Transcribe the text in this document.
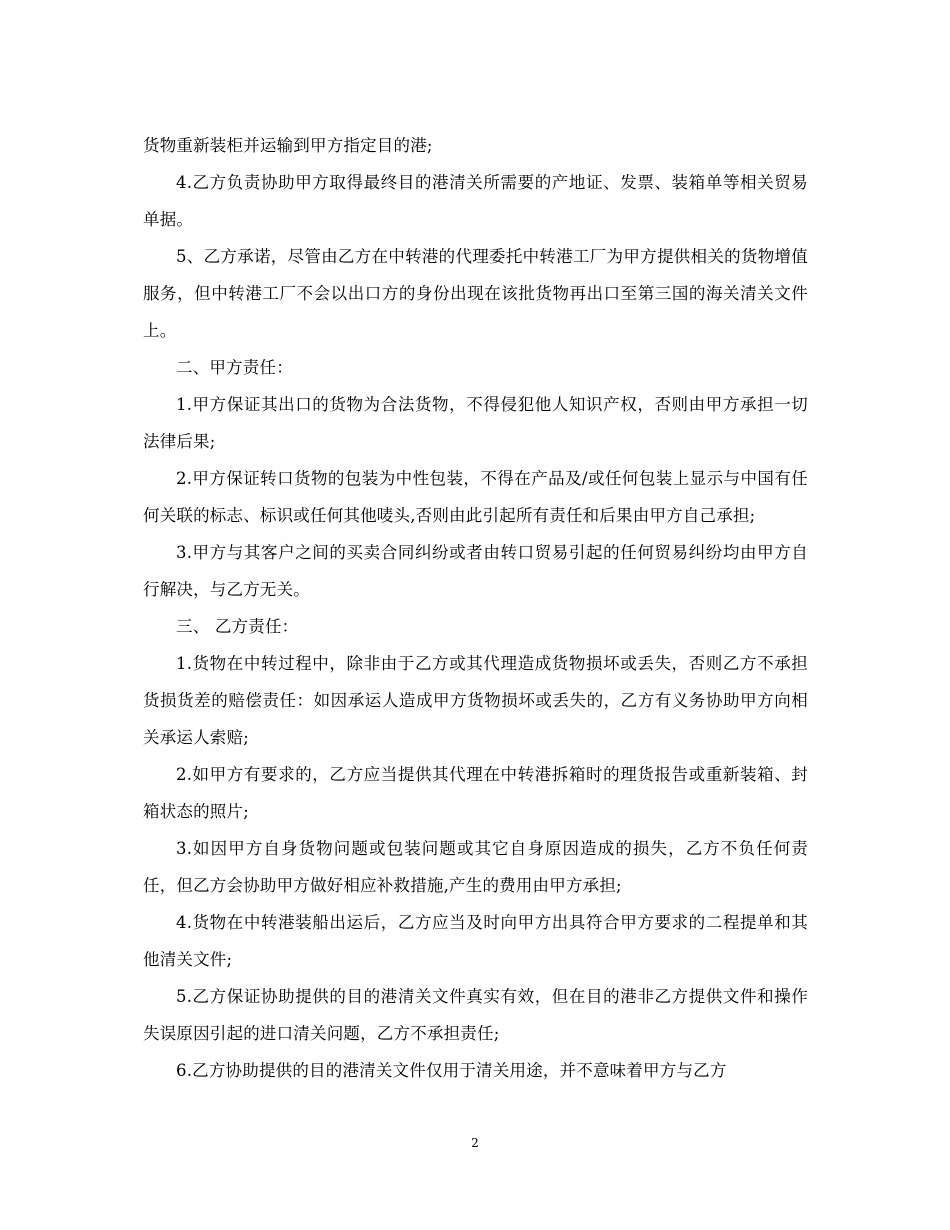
货物重新装柜并运输到甲方指定目的港;

4.乙方负责协助甲方取得最终目的港清关所需要的产地证、发票、装箱单等相关贸易单据。

5、乙方承诺，尽管由乙方在中转港的代理委托中转港工厂为甲方提供相关的货物增值服务，但中转港工厂不会以出口方的身份出现在该批货物再出口至第三国的海关清关文件上。

二、甲方责任：

1.甲方保证其出口的货物为合法货物，不得侵犯他人知识产权，否则由甲方承担一切法律后果;

2.甲方保证转口货物的包装为中性包装，不得在产品及/或任何包装上显示与中国有任何关联的标志、标识或任何其他唛头,否则由此引起所有责任和后果由甲方自己承担;

3.甲方与其客户之间的买卖合同纠纷或者由转口贸易引起的任何贸易纠纷均由甲方自行解决，与乙方无关。

三、 乙方责任：

1.货物在中转过程中，除非由于乙方或其代理造成货物损坏或丢失，否则乙方不承担货损货差的赔偿责任：如因承运人造成甲方货物损坏或丢失的，乙方有义务协助甲方向相关承运人索赔;

2.如甲方有要求的，乙方应当提供其代理在中转港拆箱时的理货报告或重新装箱、封箱状态的照片;

3.如因甲方自身货物问题或包装问题或其它自身原因造成的损失，乙方不负任何责任，但乙方会协助甲方做好相应补救措施,产生的费用由甲方承担;

4.货物在中转港装船出运后，乙方应当及时向甲方出具符合甲方要求的二程提单和其他清关文件;

5.乙方保证协助提供的目的港清关文件真实有效，但在目的港非乙方提供文件和操作失误原因引起的进口清关问题，乙方不承担责任;

6.乙方协助提供的目的港清关文件仅用于清关用途，并不意味着甲方与乙方

2
